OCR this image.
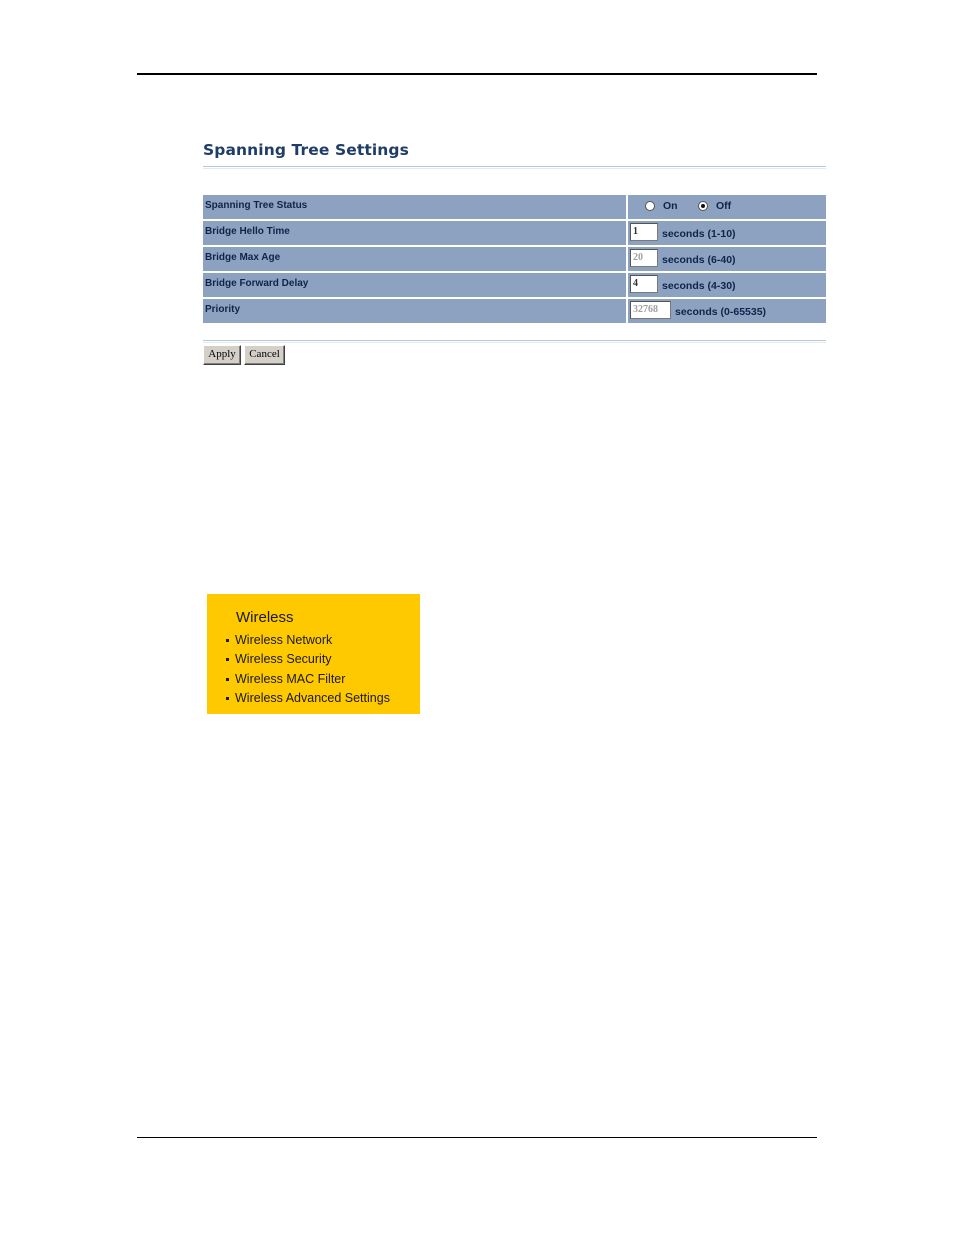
Spanning Tree Settings
Spanning Tree Status	On	Off
Bridge Hello Time	1	seconds (1-10)
Bridge Max Age	20	seconds (6-40)
Bridge Forward Delay	4	seconds (4-30)
Priority	32768	seconds (0-65535)
Apply	Cancel
Wireless
Wireless Network
Wireless Security
Wireless MAC Filter
Wireless Advanced Settings
